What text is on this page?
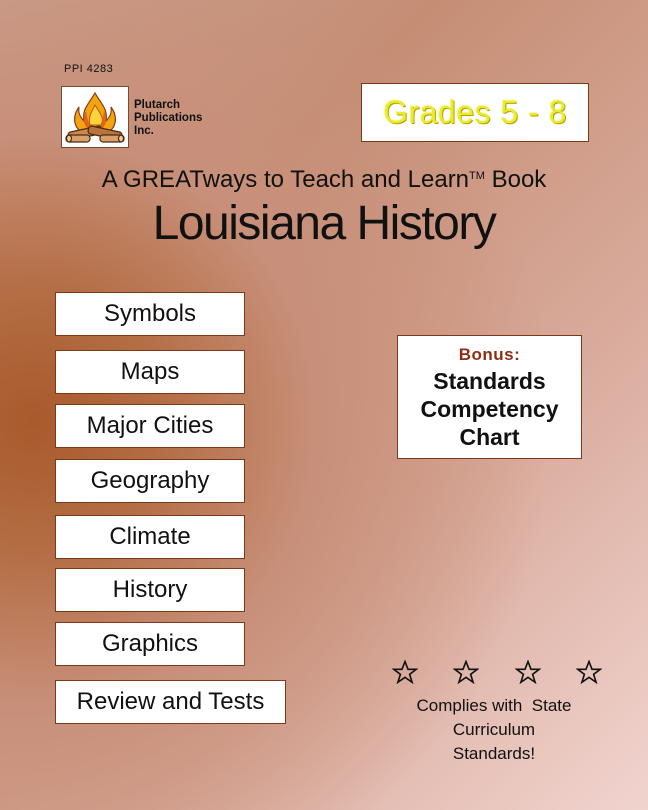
PPI 4283
Plutarch
Publications
Inc.
Grades 5 - 8
A GREATways to Teach and Learn™ Book
Louisiana History
Symbols
Maps
Major Cities
Geography
Climate
History
Graphics
Review and Tests
Bonus:
Standards
Competency
Chart
Complies with  State
Curriculum
Standards!
